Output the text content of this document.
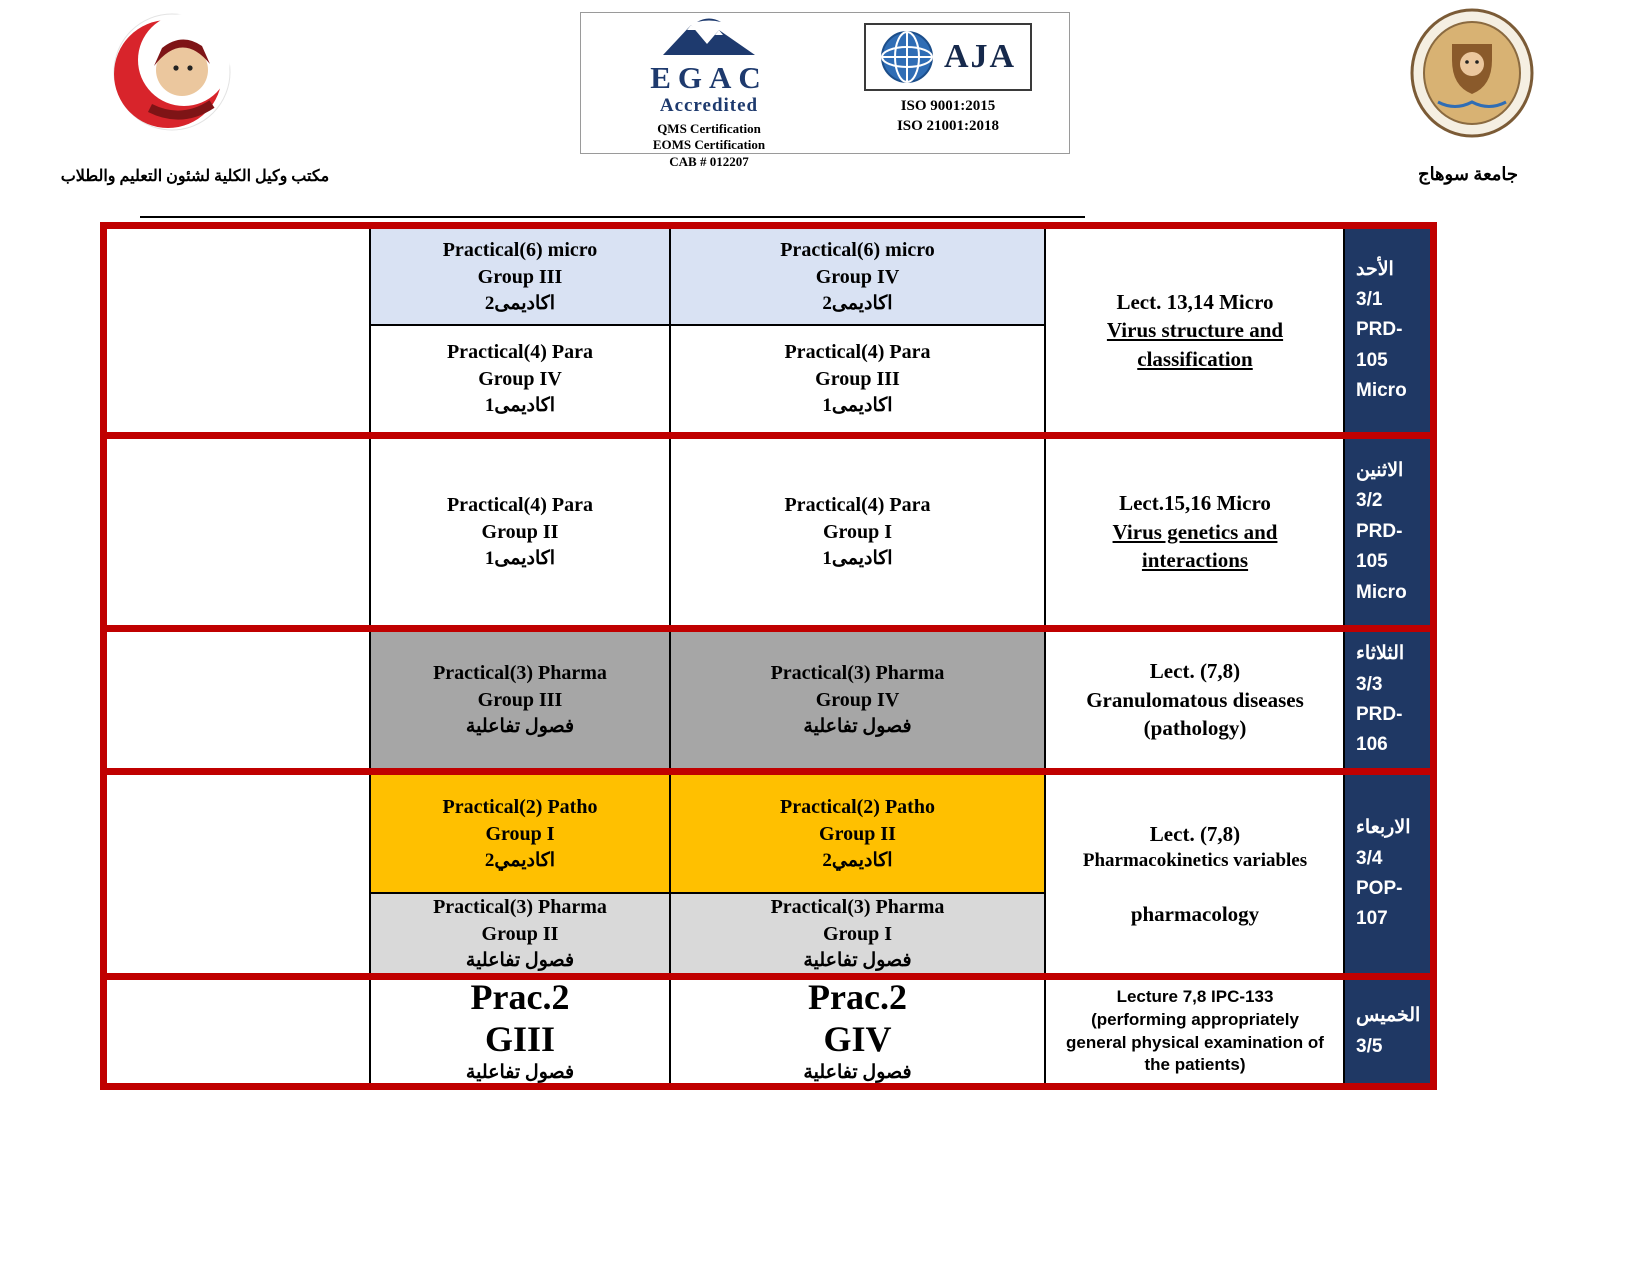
EGAC
Accredited
QMS Certification
EOMS Certification
CAB # 012207
AJA
ISO 9001:2015
ISO 21001:2018
مكتب وكيل الكلية لشئون التعليم والطلاب	جامعة سوهاج
Practical(6) micro
Group III
اكاديمى2
Practical(6) micro
Group IV
اكاديمى2
Practical(4) Para
Group IV
اكاديمى1
Practical(4) Para
Group III
اكاديمى1
Lect. 13,14 Micro
Virus structure and
classification
الأحد
3/1
PRD-
105
Micro
Practical(4) Para
Group II
اكاديمى1
Practical(4) Para
Group I
اكاديمى1
Lect.15,16 Micro
Virus genetics and
interactions
الاثنين
3/2
PRD-
105
Micro
Practical(3) Pharma
Group III
فصول تفاعلية
Practical(3) Pharma
Group IV
فصول تفاعلية
Lect. (7,8)
Granulomatous diseases
(pathology)
الثلاثاء
3/3
PRD-
106
Practical(2) Patho
Group I
اكاديمي2
Practical(2) Patho
Group II
اكاديمي2
Practical(3) Pharma
Group II
فصول تفاعلية
Practical(3) Pharma
Group I
فصول تفاعلية
Lect. (7,8)
Pharmacokinetics variables
pharmacology
الاربعاء
3/4
POP-
107
Prac.2
GIII
فصول تفاعلية
Prac.2
GIV
فصول تفاعلية
Lecture 7,8 IPC-133
(performing appropriately
general physical examination of
the patients)
الخميس
3/5
